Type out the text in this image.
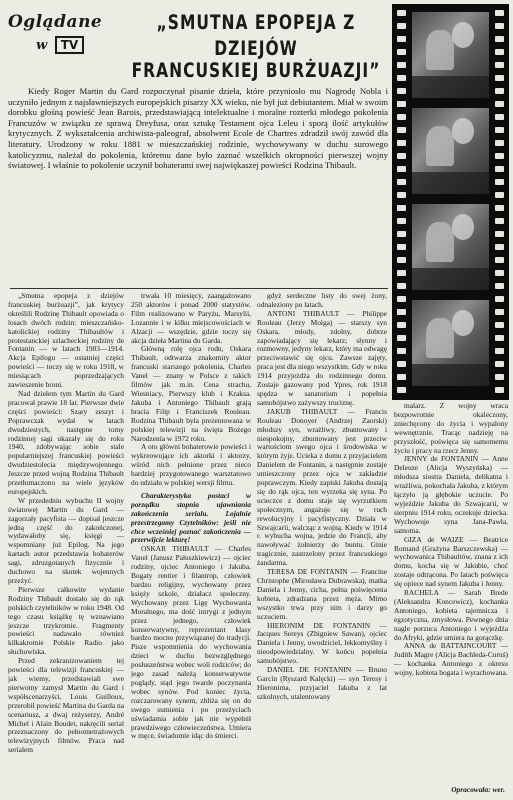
Oglądane
w TV
„SMUTNA EPOPEJA Z DZIEJÓW
FRANCUSKIEJ BURŻUAZJI”

Kiedy Roger Martin du Gard rozpoczynał pisanie dzieła, które przyniosło mu Nagrodę Nobla i uczyniło jednym z najsławniejszych europejskich pisarzy XX wieku, nie był już debiutantem. Miał w swoim dorobku głośną powieść Jean Barois, przedstawiającą intelektualne i moralne rozterki młodego pokolenia Francuzów w związku ze sprawą Dreyfusa, oraz sztukę Testament ojca Leleu i sporą ilość artykułów krytycznych. Z wykształcenia archiwista-paleograf, absolwent Ecole de Chartres zdradził swój zawód dla literatury. Urodzony w roku 1881 w mieszczańskiej rodzinie, wychowywany w duchu surowego katolicyzmu, należał do pokolenia, któremu dane było zaznać wszelkich okropności pierwszej wojny światowej. I właśnie to pokolenie uczynił bohaterami swej najwiękaszej powieści Rodzina Thibault.

„Smutna epopeja z dziejów francuskiej burżuazji”, jak krytycy określili Rodzinę Thibault opowiada o losach dwóch rodzin: mieszczańsko-katolickiej rodziny Thibaultów i protestanckiej szlacheckiej rodziny de Fontanin — w latach 1903—1914. Akcja Epilogu — ostatniej części powieści — toczy się w roku 1918, w miesiącach poprzedzających zawieszenie broni.

Nad dziełem tym Martin du Gard pracował prawie 18 lat. Pierwsze dwie części powieści: Szary zeszyt i Poprawczak wydał w latach dwudziestych, następne tomy rodzinnej sagi ukazały się do roku 1940, zdobywając sobie stale popularniejszej francuskiej powieści dwudziestolecia międzywojennego. Jeszcze przed wojną Rodzina Thibault przetłumaczono na wiele języków europejskich.

W przededniu wybuchu II wojny światowej Martin du Gard — zagorzały pacyfista — dopisał jeszcze jedną część do zakończonej, wydawałoby się, księgi — wspomniany już Epilog. Na jego kartach autor przedstawia bohaterów sagi, zdruzgotanych fizycznie i duchowo na skutek wojennych przeżyć.

Pierwsze całkowite wydanie Rodziny Thibault dostało się do rąk polskich czytelników w roku 1948. Od tego czasu książkę tę wznawiano jeszcze trzykrotnie. Fragmenty powieści nadawało również kilkakrotnie Polskie Radio jako słuchowiska.

Przed zekranizowaniem tej powieści dla telewizji francuskiej — jak wiemy, przedstawiali swe pierwotny zamysł Martin du Gard i współscenarzyści, Louis Guilloux, przerobił powieść Martina du Garda na scenariusz, a dwaj reżyserzy, André Michel i Alain Boudet, nakręcili serial przeznaczony do pełnometrażowych telewizyjnych filmów. Praca nad serialem

trwała 10 miesięcy, zaangażowano 250 aktorów i ponad 2000 statystów. Film realizowano w Paryżu, Marsylii, Lozannie i w kilku miejscowościach w Alzacji — wszędzie, gdzie toczy się akcja dzieła Martina du Garda.

Główną rolę ojca rodu, Oskara Thibault, odtwarza znakomity aktor francuski starszego pokolenia, Charles Vanel — znany w Polsce z takich filmów jak m.in. Cena strachu, Wiesniacy, Pierwszy klub i Kraksa. Jakuba i Antoniego Thibault grają bracia Filip i Franciszek Rouleau. Rodzina Thibault była prezentowana w polskiej telewizji na święta Bożego Narodzenia w 1972 roku.

A oto główni bohaterowie powieści i wykreowujące ich aktorki i aktorzy, wśród nich pełnione przez nieco bardziej przygotowanego warsztatowo do udziału w polskiej wersji filmu.

Charakterystyka postaci w porządku stopnia ujawniania zakończenia serialu. Lojalnie przestrzegamy Czytelników: jeśli nie chce wcześniej poznać zakończenia — przerwijcie lekturę!

OSKAR THIBAULT — Charles Vanel (Janusz Paluszkiewicz) — ojciec rodziny, ojciec Antoniego i Jakuba. Bogaty rentier i filantrop, człowiek bardzo religijny, wychowany przez księży szkole, działacz społeczny. Wychowany przez Ligę Wychowania Moralnego, ma dość intrygi z jednym przez jednego, człowiek konserwatywny, reprezentant klasy bardzo mocno przywiązanej do tradycji. Pisze wspomnienia do wychowania dzieci w duchu bezwzględnego posłuszeństwa wobec woli rodziców; do jego zasad należą konserwatywne poglądy, stąd jego twarde poczynania wobec synów. Pod koniec życia, rozczarowany synem, zbliża się on do swego sumienia i po przeżyciach uświadamia sobie jak nie wypełnił prawdziwego człowieczeństwa. Umiera w męce, świadomie idąc do śmierci.

gdyż serdeczne listy do swej żony, odnaleziony po latach.

ANTONI THIBAULT — Philippe Rouleau (Jerzy Molga) — starszy syn Oskara, młody, zdolny, dobrze zapowiadający się lekarz; słynny i rozmowny, jedyny lekarz, który ma odwagę przeciwstawić się ojcu. Zawsze zajęty, praca jest dla niego wszystkim. Gdy w roku 1914 przyjeżdża do rodzinnego domu. Zostaje gazowany pod Ypres, rok 1918 spędza w sanatorium i popełnia samobójstwo zażywszy truciznę.

JAKUB THIBAULT — Francis Rouleau Donoyer (Andrzej Zaorski) młodszy syn, wrażliwy, zbuntowany i niespokojny, zbuntowany jest przeciw wartościom swego ojca i środowiska w którym żyje. Ucieka z domu z przyjacielem Danielem de Fontanin, a następnie zostaje umieszczony przez ojca w zakładzie poprawczym. Kiedy zapiski Jakuba dostają się do rąk ojca, ten wyrzeka się syna. Po ucieczce z domu staje się wyrzutkiem społecznym, angażuje się w ruch rewolucyjny i pacyfistyczny. Działa w Szwajcarii, walcząc z wojną. Kiedy w 1914 r. wybucha wojna, jedzie do Francji, aby nawoływać żołnierzy do buntu. Ginie tragicznie, zastrzelony przez francuskiego żandarma.

TERESA DE FONTANIN — Francine Christophe (Mirosława Dubrawska), matka Daniela i Jenny, cicha, pełna poświęcenia kobieta, zdradzana przez męża. Mimo wszystko trwa przy nim i darzy go uczuciem.

HIERONIM DE FONTANIN — Jacques Sereys (Zbigniew Sawan), ojciec Daniela i Jenny, uwodziciel, lekkomyślny i nieodpowiedzialny. W końcu popełnia samobójstwo.

DANIEL DE FONTANIN — Bruno Garcin (Ryszard Kalęcki) — syn Teresy i Hieronima, przyjaciel Jakuba z lat szkolnych, utalentowany

malarz. Z wojny wraca bezpowrotnie okaleczony, zniechęcony do życia i wypalony wewnętrznie. Tracąc nadzieję na przyszłość, poświęca się samotnemu życiu i pracy na rzecz Jenny.

JENNY de FONTANIN — Anne Deleuze (Alicja Wyszyńska) — młodsza siostra Daniela, delikatna i wrażliwa, pokochała Jakuba, z którym łączyło ją głębokie uczucie. Po wyjeździe Jakuba do Szwajcarii, w sierpniu 1914 roku, oczekuje dziecka. Wychowuje syna Jana-Pawła, samotna.

GIZA de WAIZE — Beatrice Romand (Grażyna Barszczewska) — wychowanica Thibaultów, znana z ich domu, kocha się w Jakubie, choć zostaje odtrącona. Po latach poświęca się opiece nad synem Jakuba i Jenny.

RACHELA — Sarah Brede (Aleksandra Koncewicz), kochanka Antoniego, kobieta tajemnicza i egzotyczna, zmysłowa. Pewnego dnia nagle porzuca Antoniego i wyjeżdża do Afryki, gdzie umiera na gorączkę.

ANNA de BATTAINCOURT — Judith Magre (Alicja Bachleda-Curuś) — kochanka Antoniego z okresu wojny, kobieta bogata i wyrachowana.

Opracowała: wer.
